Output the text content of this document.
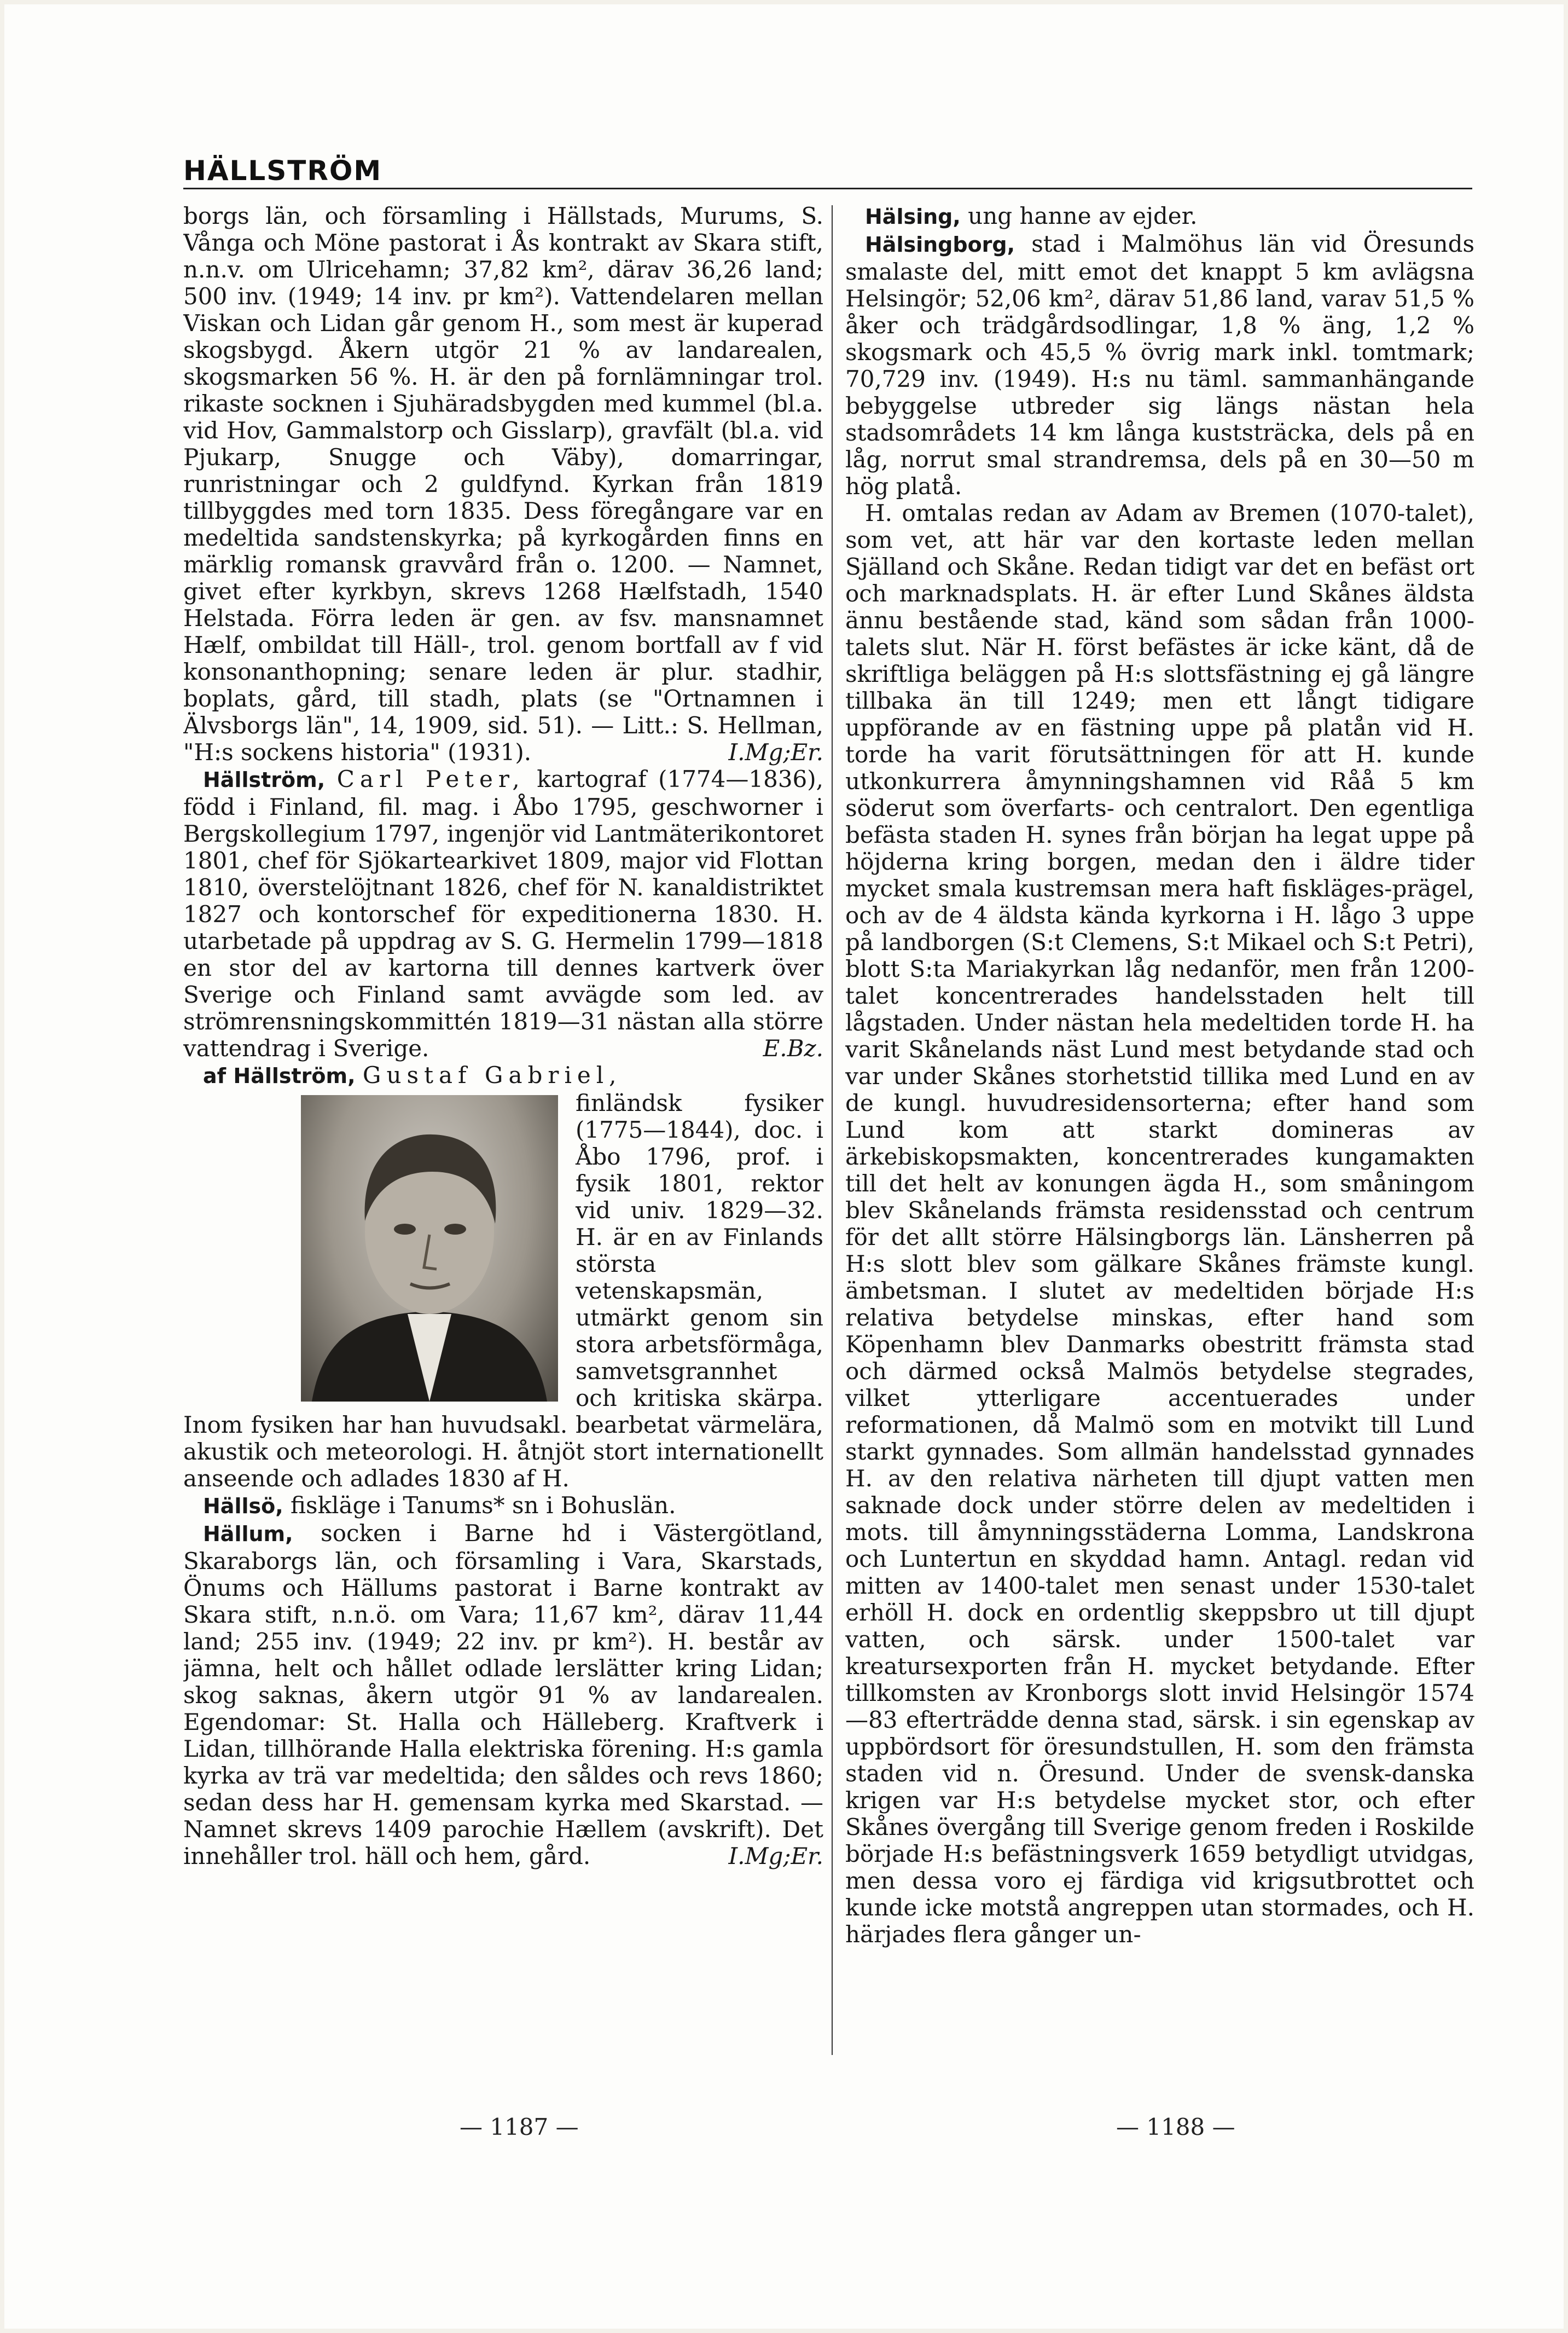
HÄLLSTRÖM

borgs län, och församling i Hällstads, Murums, S. Vånga och Möne pastorat i Ås kontrakt av Skara stift, n.n.v. om Ulricehamn; 37,82 km², därav 36,26 land; 500 inv. (1949; 14 inv. pr km²). Vattendelaren mellan Viskan och Lidan går genom H., som mest är kuperad skogsbygd. Åkern utgör 21 % av landarealen, skogsmarken 56 %. H. är den på fornlämningar trol. rikaste socknen i Sjuhäradsbygden med kummel (bl.a. vid Hov, Gammalstorp och Gisslarp), gravfält (bl.a. vid Pjukarp, Snugge och Väby), domarringar, runristningar och 2 guldfynd. Kyrkan från 1819 tillbyggdes med torn 1835. Dess föregångare var en medeltida sandstenskyrka; på kyrkogården finns en märklig romansk gravvård från o. 1200. — Namnet, givet efter kyrkbyn, skrevs 1268 Hælfstadh, 1540 Helstada. Förra leden är gen. av fsv. mansnamnet Hælf, ombildat till Häll-, trol. genom bortfall av f vid konsonanthopning; senare leden är plur. stadhir, boplats, gård, till stadh, plats (se "Ortnamnen i Älvsborgs län", 14, 1909, sid. 51). — Litt.: S. Hellman, "H:s sockens historia" (1931).	I.Mg;Er.

Hällström, Carl Peter, kartograf (1774—1836), född i Finland, fil. mag. i Åbo 1795, geschworner i Bergskollegium 1797, ingenjör vid Lantmäterikontoret 1801, chef för Sjökartearkivet 1809, major vid Flottan 1810, överstelöjtnant 1826, chef för N. kanaldistriktet 1827 och kontorschef för expeditionerna 1830. H. utarbetade på uppdrag av S. G. Hermelin 1799—1818 en stor del av kartorna till dennes kartverk över Sverige och Finland samt avvägde som led. av strömrensningskommittén 1819—31 nästan alla större vattendrag i Sverige.	E.Bz.

af Hällström, Gustaf Gabriel,

finländsk fysiker (1775—1844), doc. i Åbo 1796, prof. i fysik 1801, rektor vid univ. 1829—32. H. är en av Finlands största vetenskapsmän, utmärkt genom sin stora arbetsförmåga, samvetsgrannhet och kritiska skärpa. Inom fysiken har han huvudsakl. bearbetat värmelära, akustik och meteorologi. H. åtnjöt stort internationellt anseende och adlades 1830 af H.

Hällsö, fiskläge i Tanums* sn i Bohuslän.

Hällum, socken i Barne hd i Västergötland, Skaraborgs län, och församling i Vara, Skarstads, Önums och Hällums pastorat i Barne kontrakt av Skara stift, n.n.ö. om Vara; 11,67 km², därav 11,44 land; 255 inv. (1949; 22 inv. pr km²). H. består av jämna, helt och hållet odlade lerslätter kring Lidan; skog saknas, åkern utgör 91 % av landarealen. Egendomar: St. Halla och Hälleberg. Kraftverk i Lidan, tillhörande Halla elektriska förening. H:s gamla kyrka av trä var medeltida; den såldes och revs 1860; sedan dess har H. gemensam kyrka med Skarstad. — Namnet skrevs 1409 parochie Hællem (avskrift). Det innehåller trol. häll och hem, gård.	I.Mg;Er.

Hälsing, ung hanne av ejder.

Hälsingborg, stad i Malmöhus län vid Öresunds smalaste del, mitt emot det knappt 5 km avlägsna Helsingör; 52,06 km², därav 51,86 land, varav 51,5 % åker och trädgårdsodlingar, 1,8 % äng, 1,2 % skogsmark och 45,5 % övrig mark inkl. tomtmark; 70,729 inv. (1949). H:s nu täml. sammanhängande bebyggelse utbreder sig längs nästan hela stadsområdets 14 km långa kuststräcka, dels på en låg, norrut smal strandremsa, dels på en 30—50 m hög platå.

H. omtalas redan av Adam av Bremen (1070-talet), som vet, att här var den kortaste leden mellan Själland och Skåne. Redan tidigt var det en befäst ort och marknadsplats. H. är efter Lund Skånes äldsta ännu bestående stad, känd som sådan från 1000-talets slut. När H. först befästes är icke känt, då de skriftliga beläggen på H:s slottsfästning ej gå längre tillbaka än till 1249; men ett långt tidigare uppförande av en fästning uppe på platån vid H. torde ha varit förutsättningen för att H. kunde utkonkurrera åmynningshamnen vid Råå 5 km söderut som överfarts- och centralort. Den egentliga befästa staden H. synes från början ha legat uppe på höjderna kring borgen, medan den i äldre tider mycket smala kustremsan mera haft fiskläges-prägel, och av de 4 äldsta kända kyrkorna i H. lågo 3 uppe på landborgen (S:t Clemens, S:t Mikael och S:t Petri), blott S:ta Mariakyrkan låg nedanför, men från 1200-talet koncentrerades handelsstaden helt till lågstaden. Under nästan hela medeltiden torde H. ha varit Skånelands näst Lund mest betydande stad och var under Skånes storhetstid tillika med Lund en av de kungl. huvudresidensorterna; efter hand som Lund kom att starkt domineras av ärkebiskopsmakten, koncentrerades kungamakten till det helt av konungen ägda H., som småningom blev Skånelands främsta residensstad och centrum för det allt större Hälsingborgs län. Länsherren på H:s slott blev som gälkare Skånes främste kungl. ämbetsman. I slutet av medeltiden började H:s relativa betydelse minskas, efter hand som Köpenhamn blev Danmarks obestritt främsta stad och därmed också Malmös betydelse stegrades, vilket ytterligare accentuerades under reformationen, då Malmö som en motvikt till Lund starkt gynnades. Som allmän handelsstad gynnades H. av den relativa närheten till djupt vatten men saknade dock under större delen av medeltiden i mots. till åmynningsstäderna Lomma, Landskrona och Luntertun en skyddad hamn. Antagl. redan vid mitten av 1400-talet men senast under 1530-talet erhöll H. dock en ordentlig skeppsbro ut till djupt vatten, och särsk. under 1500-talet var kreatursexporten från H. mycket betydande. Efter tillkomsten av Kronborgs slott invid Helsingör 1574 —83 efterträdde denna stad, särsk. i sin egenskap av uppbördsort för öresundstullen, H. som den främsta staden vid n. Öresund. Under de svensk-danska krigen var H:s betydelse mycket stor, och efter Skånes övergång till Sverige genom freden i Roskilde började H:s befästningsverk 1659 betydligt utvidgas, men dessa voro ej färdiga vid krigsutbrottet och kunde icke motstå angreppen utan stormades, och H. härjades flera gånger un-

— 1187 —	— 1188 —
